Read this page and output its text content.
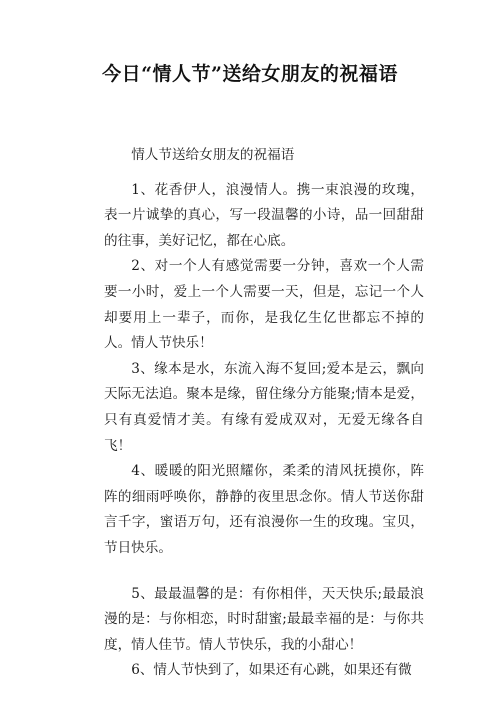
今日“情人节”送给女朋友的祝福语

情人节送给女朋友的祝福语

1、花香伊人，浪漫情人。携一束浪漫的玫瑰，表一片诚挚的真心，写一段温馨的小诗，品一回甜甜的往事，美好记忆，都在心底。

2、对一个人有感觉需要一分钟，喜欢一个人需要一小时，爱上一个人需要一天，但是，忘记一个人却要用上一辈子，而你，是我亿生亿世都忘不掉的人。情人节快乐！

3、缘本是水，东流入海不复回;爱本是云，飘向天际无法追。聚本是缘，留住缘分方能聚;情本是爱，只有真爱情才美。有缘有爱成双对，无爱无缘各自飞！

4、暖暖的阳光照耀你，柔柔的清风抚摸你，阵阵的细雨呼唤你，静静的夜里思念你。情人节送你甜言千字，蜜语万句，还有浪漫你一生的玫瑰。宝贝，节日快乐。

5、最最温馨的是：有你相伴，天天快乐;最最浪漫的是：与你相恋，时时甜蜜;最最幸福的是：与你共度，情人佳节。情人节快乐，我的小甜心！

6、情人节快到了，如果还有心跳，如果还有微
